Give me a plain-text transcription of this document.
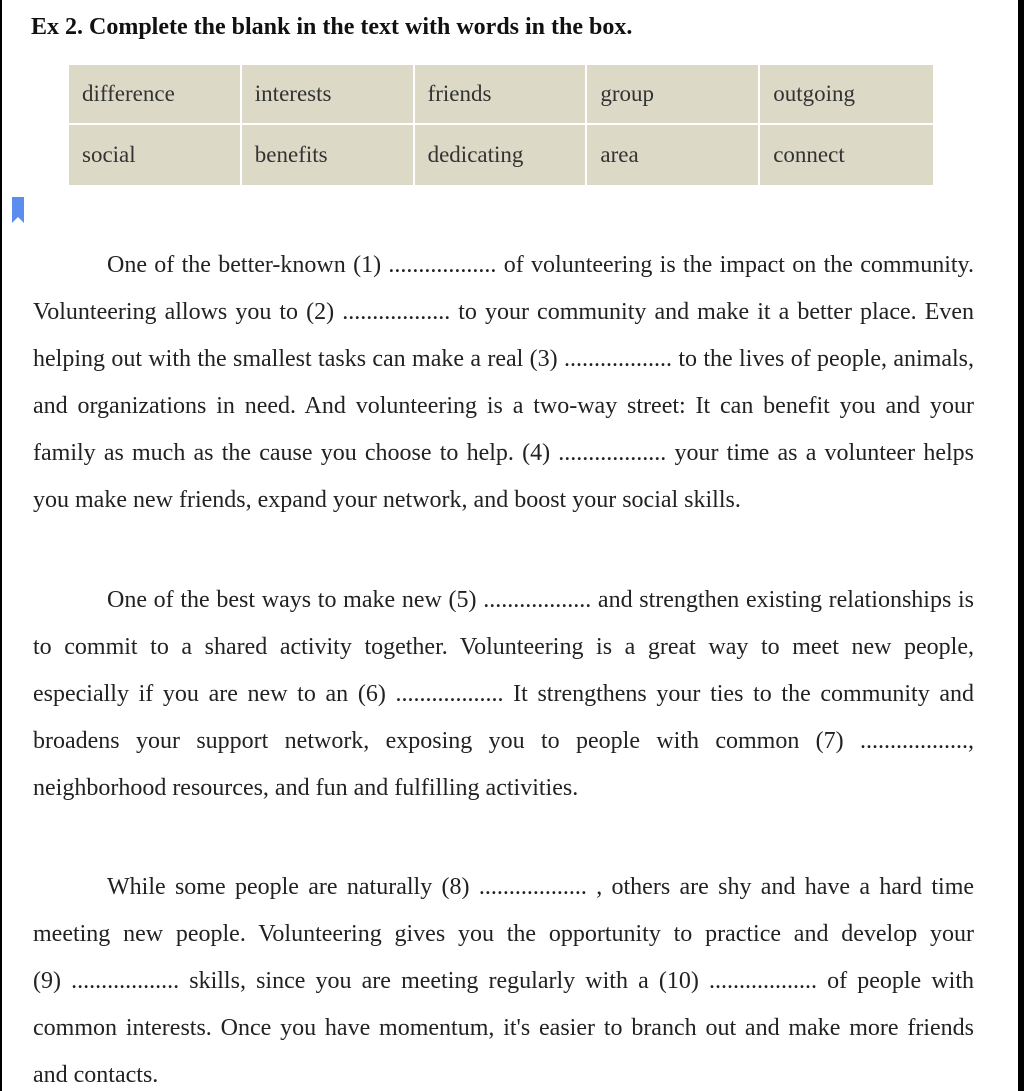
Ex 2. Complete the blank in the text with words in the box.
difference	interests	friends	group	outgoing
social	benefits	dedicating	area	connect

One of the better-known (1) .................. of volunteering is the impact on the community. Volunteering allows you to (2) .................. to your community and make it a better place. Even helping out with the smallest tasks can make a real (3) .................. to the lives of people, animals, and organizations in need. And volunteering is a two-way street: It can benefit you and your family as much as the cause you choose to help. (4) .................. your time as a volunteer helps you make new friends, expand your network, and boost your social skills.

One of the best ways to make new (5) .................. and strengthen existing relationships is to commit to a shared activity together. Volunteering is a great way to meet new people, especially if you are new to an (6) .................. It strengthens your ties to the community and broadens your support network, exposing you to people with common (7) .................., neighborhood resources, and fun and fulfilling activities.

While some people are naturally (8) .................. , others are shy and have a hard time meeting new people. Volunteering gives you the opportunity to practice and develop your (9) .................. skills, since you are meeting regularly with a (10) .................. of people with common interests. Once you have momentum, it's easier to branch out and make more friends and contacts.
